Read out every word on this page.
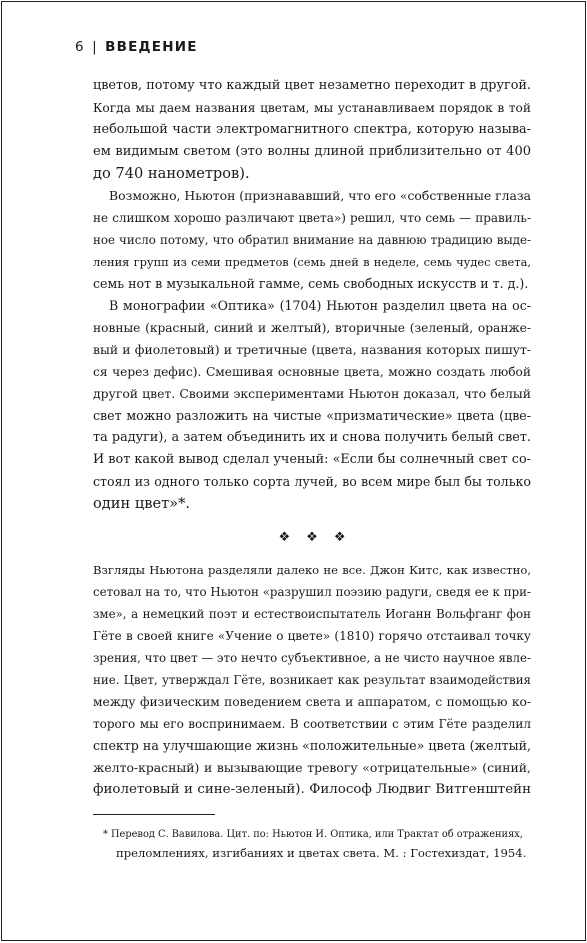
6 | ВВЕДЕНИЕ
цветов, потому что каждый цвет незаметно переходит в другой.
Когда мы даем названия цветам, мы устанавливаем порядок в той
небольшой части электромагнитного спектра, которую называ-
ем видимым светом (это волны длиной приблизительно от 400
до 740 нанометров).
Возможно, Ньютон (признававший, что его «собственные глаза
не слишком хорошо различают цвета») решил, что семь — правиль-
ное число потому, что обратил внимание на давнюю традицию выде-
ления групп из семи предметов (семь дней в неделе, семь чудес света,
семь нот в музыкальной гамме, семь свободных искусств и т. д.).
В монографии «Оптика» (1704) Ньютон разделил цвета на ос-
новные (красный, синий и желтый), вторичные (зеленый, оранже-
вый и фиолетовый) и третичные (цвета, названия которых пишут-
ся через дефис). Смешивая основные цвета, можно создать любой
другой цвет. Своими экспериментами Ньютон доказал, что белый
свет можно разложить на чистые «призматические» цвета (цве-
та радуги), а затем объединить их и снова получить белый свет.
И вот какой вывод сделал ученый: «Если бы солнечный свет со-
стоял из одного только сорта лучей, во всем мире был бы только
один цвет»*.
❖ ❖ ❖
Взгляды Ньютона разделяли далеко не все. Джон Китс, как известно,
сетовал на то, что Ньютон «разрушил поэзию радуги, сведя ее к при-
зме», а немецкий поэт и естествоиспытатель Иоганн Вольфганг фон
Гёте в своей книге «Учение о цвете» (1810) горячо отстаивал точку
зрения, что цвет — это нечто субъективное, а не чисто научное явле-
ние. Цвет, утверждал Гёте, возникает как результат взаимодействия
между физическим поведением света и аппаратом, с помощью ко-
торого мы его воспринимаем. В соответствии с этим Гёте разделил
спектр на улучшающие жизнь «положительные» цвета (желтый,
желто-красный) и вызывающие тревогу «отрицательные» (синий,
фиолетовый и сине-зеленый). Философ Людвиг Витгенштейн
* Перевод С. Вавилова. Цит. по: Ньютон И. Оптика, или Трактат об отражениях,
преломлениях, изгибаниях и цветах света. М. : Гостехиздат, 1954.
